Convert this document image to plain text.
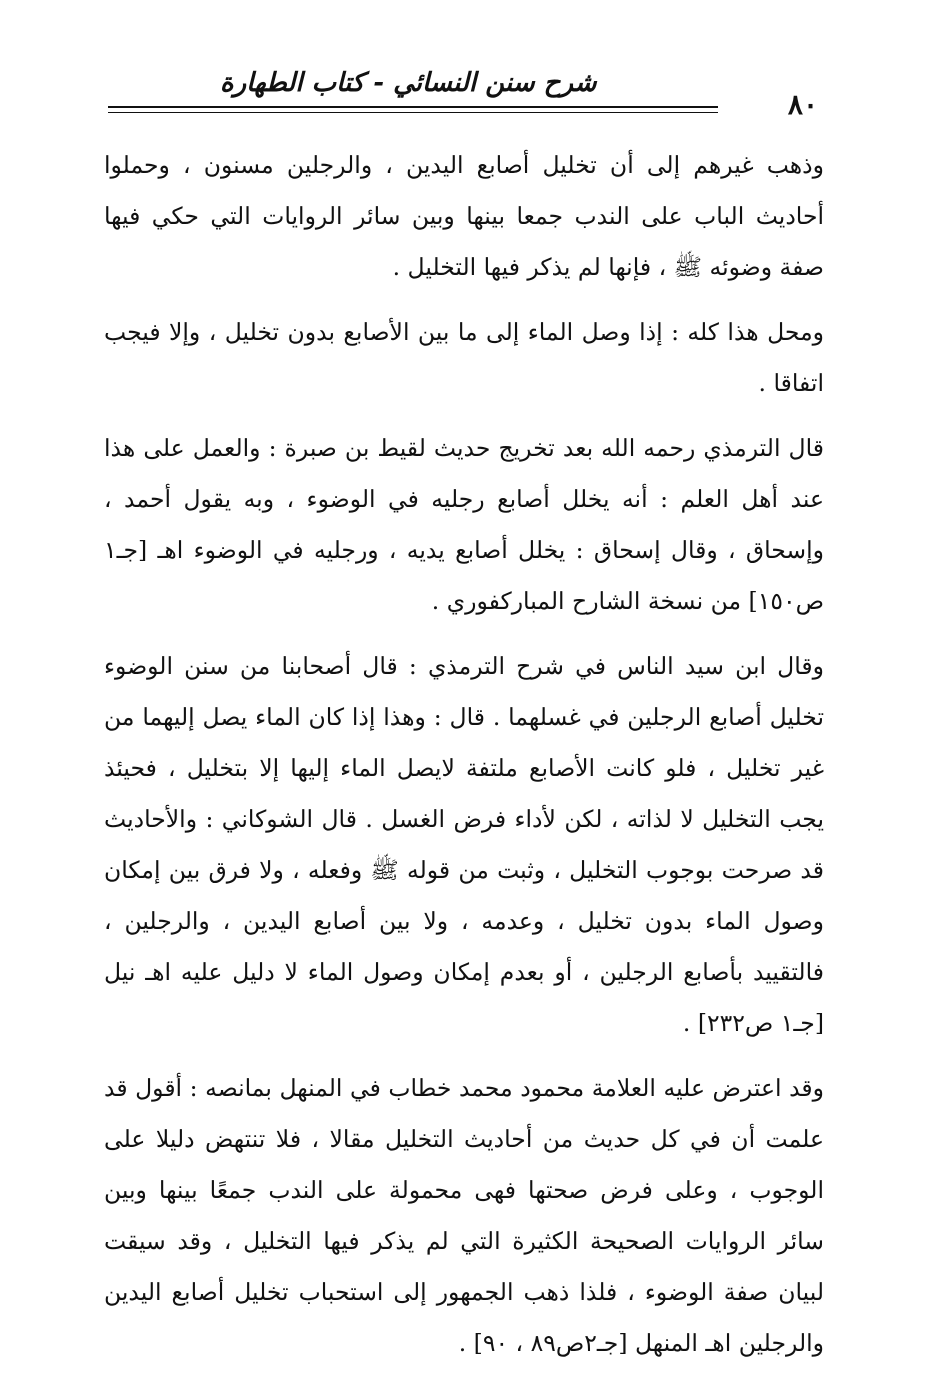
شرح سنن النسائي - كتاب الطهارة
٨٠

وذهب غيرهم إلى أن تخليل أصابع اليدين ، والرجلين مسنون ، وحملوا أحاديث الباب على الندب جمعا بينها وبين سائر الروايات التي حكي فيها صفة وضوئه ﷺ ، فإنها لم يذكر فيها التخليل .

ومحل هذا كله : إذا وصل الماء إلى ما بين الأصابع بدون تخليل ، وإلا فيجب اتفاقا .

قال الترمذي رحمه الله بعد تخريج حديث لقيط بن صبرة : والعمل على هذا عند أهل العلم : أنه يخلل أصابع رجليه في الوضوء ، وبه يقول أحمد ، وإسحاق ، وقال إسحاق : يخلل أصابع يديه ، ورجليه في الوضوء اهـ [جـ١ ص١٥٠] من نسخة الشارح المباركفوري .

وقال ابن سيد الناس في شرح الترمذي : قال أصحابنا من سنن الوضوء تخليل أصابع الرجلين في غسلهما . قال : وهذا إذا كان الماء يصل إليهما من غير تخليل ، فلو كانت الأصابع ملتفة لايصل الماء إليها إلا بتخليل ، فحيئذ يجب التخليل لا لذاته ، لكن لأداء فرض الغسل . قال الشوكاني : والأحاديث قد صرحت بوجوب التخليل ، وثبت من قوله ﷺ وفعله ، ولا فرق بين إمكان وصول الماء بدون تخليل ، وعدمه ، ولا بين أصابع اليدين ، والرجلين ، فالتقييد بأصابع الرجلين ، أو بعدم إمكان وصول الماء لا دليل عليه اهـ نيل [جـ١ ص٢٣٢] .

وقد اعترض عليه العلامة محمود محمد خطاب في المنهل بمانصه : أقول قد علمت أن في كل حديث من أحاديث التخليل مقالا ، فلا تنتهض دليلا على الوجوب ، وعلى فرض صحتها فهى محمولة على الندب جمعًا بينها وبين سائر الروايات الصحيحة الكثيرة التي لم يذكر فيها التخليل ، وقد سيقت لبيان صفة الوضوء ، فلذا ذهب الجمهور إلى استحباب تخليل أصابع اليدين والرجلين اهـ المنهل [جـ٢ص٨٩ ، ٩٠] .
